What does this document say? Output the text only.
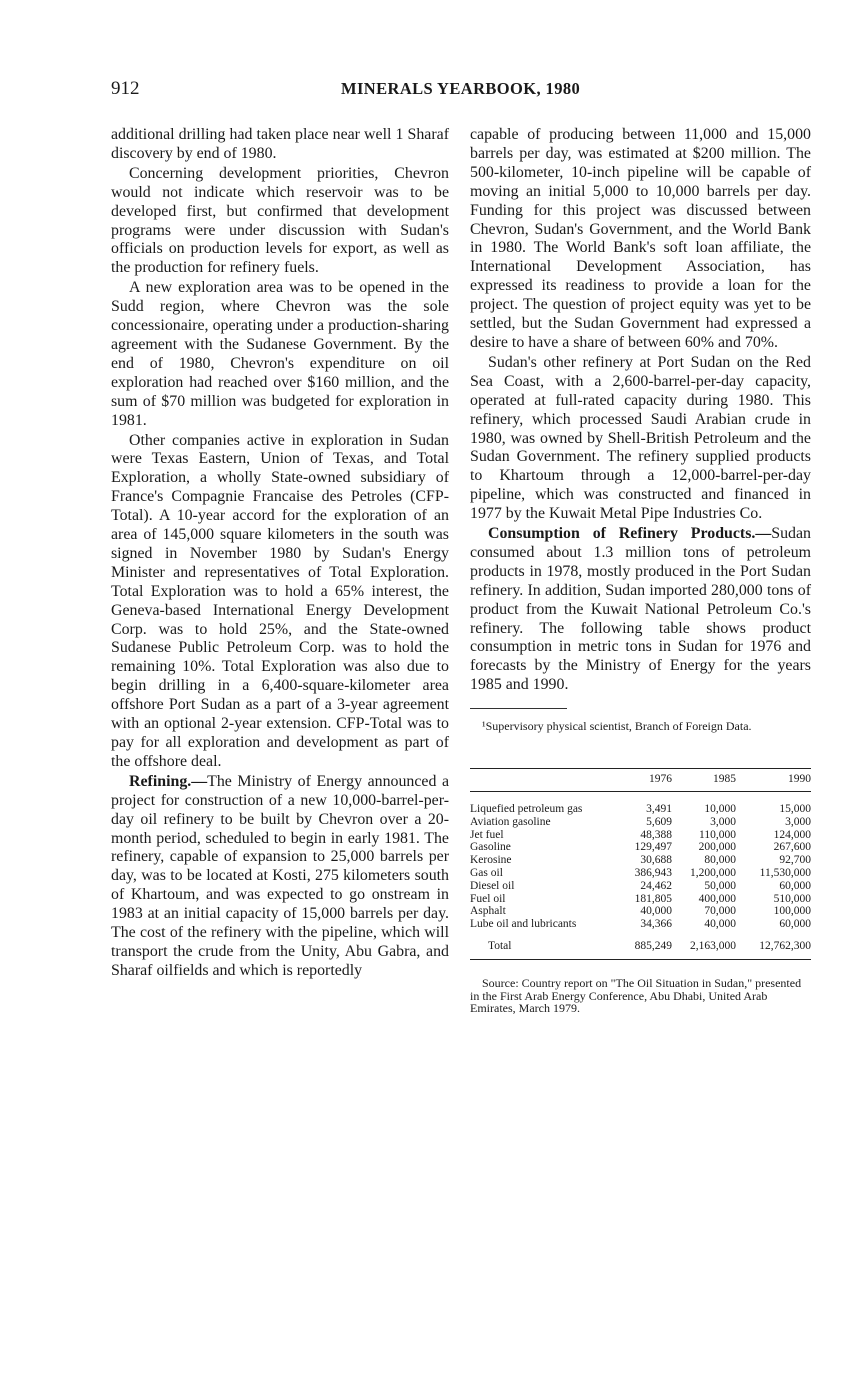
912	MINERALS YEARBOOK, 1980

additional drilling had taken place near well 1 Sharaf discovery by end of 1980.

Concerning development priorities, Chevron would not indicate which reservoir was to be developed first, but confirmed that development programs were under discussion with Sudan's officials on production levels for export, as well as the production for refinery fuels.

A new exploration area was to be opened in the Sudd region, where Chevron was the sole concessionaire, operating under a production-sharing agreement with the Sudanese Government. By the end of 1980, Chevron's expenditure on oil exploration had reached over $160 million, and the sum of $70 million was budgeted for exploration in 1981.

Other companies active in exploration in Sudan were Texas Eastern, Union of Texas, and Total Exploration, a wholly State-owned subsidiary of France's Compagnie Francaise des Petroles (CFP-Total). A 10-year accord for the exploration of an area of 145,000 square kilometers in the south was signed in November 1980 by Sudan's Energy Minister and representatives of Total Exploration. Total Exploration was to hold a 65% interest, the Geneva-based International Energy Development Corp. was to hold 25%, and the State-owned Sudanese Public Petroleum Corp. was to hold the remaining 10%. Total Exploration was also due to begin drilling in a 6,400-square-kilometer area offshore Port Sudan as a part of a 3-year agreement with an optional 2-year extension. CFP-Total was to pay for all exploration and development as part of the offshore deal.

Refining.—The Ministry of Energy announced a project for construction of a new 10,000-barrel-per-day oil refinery to be built by Chevron over a 20-month period, scheduled to begin in early 1981. The refinery, capable of expansion to 25,000 barrels per day, was to be located at Kosti, 275 kilometers south of Khartoum, and was expected to go onstream in 1983 at an initial capacity of 15,000 barrels per day. The cost of the refinery with the pipeline, which will transport the crude from the Unity, Abu Gabra, and Sharaf oilfields and which is reportedly

capable of producing between 11,000 and 15,000 barrels per day, was estimated at $200 million. The 500-kilometer, 10-inch pipeline will be capable of moving an initial 5,000 to 10,000 barrels per day. Funding for this project was discussed between Chevron, Sudan's Government, and the World Bank in 1980. The World Bank's soft loan affiliate, the International Development Association, has expressed its readiness to provide a loan for the project. The question of project equity was yet to be settled, but the Sudan Government had expressed a desire to have a share of between 60% and 70%.

Sudan's other refinery at Port Sudan on the Red Sea Coast, with a 2,600-barrel-per-day capacity, operated at full-rated capacity during 1980. This refinery, which processed Saudi Arabian crude in 1980, was owned by Shell-British Petroleum and the Sudan Government. The refinery supplied products to Khartoum through a 12,000-barrel-per-day pipeline, which was constructed and financed in 1977 by the Kuwait Metal Pipe Industries Co.

Consumption of Refinery Products.—Sudan consumed about 1.3 million tons of petroleum products in 1978, mostly produced in the Port Sudan refinery. In addition, Sudan imported 280,000 tons of product from the Kuwait National Petroleum Co.'s refinery. The following table shows product consumption in metric tons in Sudan for 1976 and forecasts by the Ministry of Energy for the years 1985 and 1990.

¹Supervisory physical scientist, Branch of Foreign Data.

	1976	1985	1990
Liquefied petroleum gas	3,491	10,000	15,000
Aviation gasoline	5,609	3,000	3,000
Jet fuel	48,388	110,000	124,000
Gasoline	129,497	200,000	267,600
Kerosine	30,688	80,000	92,700
Gas oil	386,943	1,200,000	11,530,000
Diesel oil	24,462	50,000	60,000
Fuel oil	181,805	400,000	510,000
Asphalt	40,000	70,000	100,000
Lube oil and lubricants	34,366	40,000	60,000
Total	885,249	2,163,000	12,762,300

Source: Country report on "The Oil Situation in Sudan," presented in the First Arab Energy Conference, Abu Dhabi, United Arab Emirates, March 1979.
